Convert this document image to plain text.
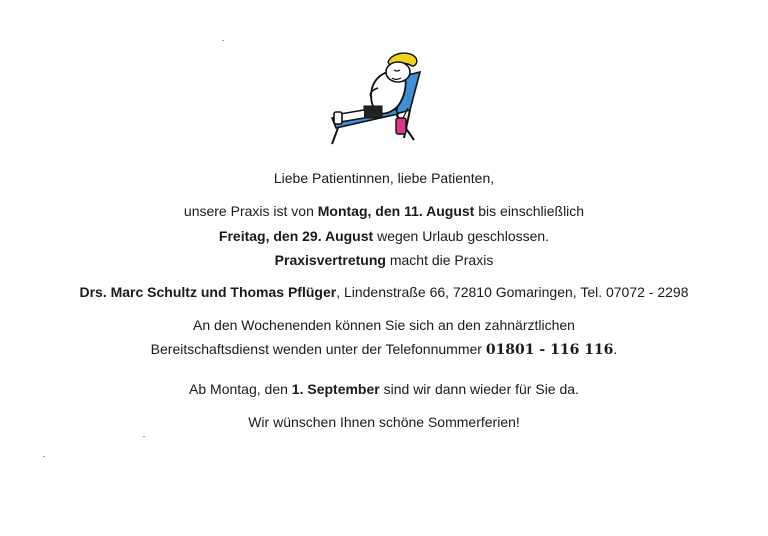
Liebe Patientinnen, liebe Patienten,
unsere Praxis ist von Montag, den 11. August bis einschließlich
Freitag, den 29. August wegen Urlaub geschlossen.
Praxisvertretung macht die Praxis
Drs. Marc Schultz und Thomas Pflüger, Lindenstraße 66, 72810 Gomaringen, Tel. 07072 - 2298
An den Wochenenden können Sie sich an den zahnärztlichen
Bereitschaftsdienst wenden unter der Telefonnummer 01801 - 116 116.
Ab Montag, den 1. September sind wir dann wieder für Sie da.
Wir wünschen Ihnen schöne Sommerferien!
